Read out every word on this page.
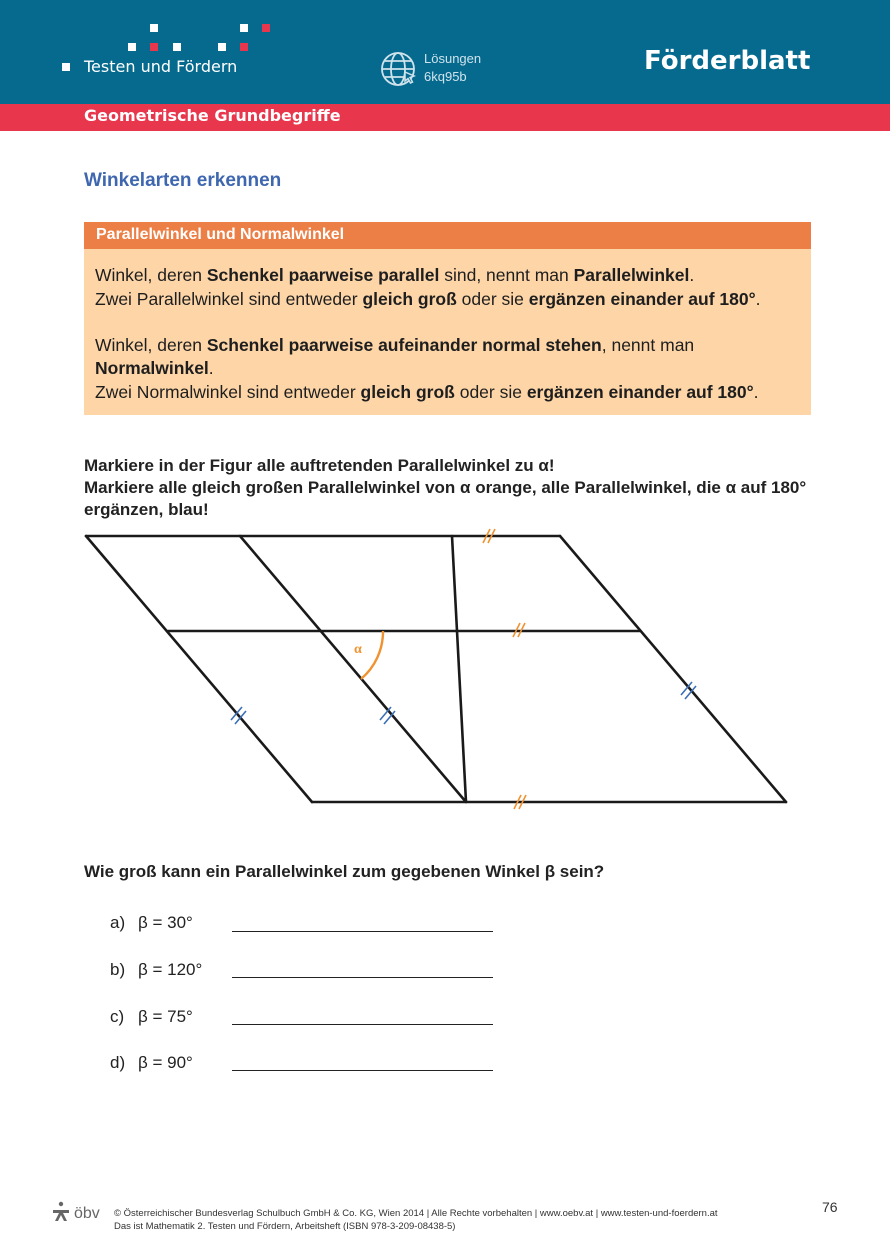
Testen und Fördern	Lösungen
6kq95b
Förderblatt
Geometrische Grundbegriffe
Winkelarten erkennen
Parallelwinkel und Normalwinkel

Winkel, deren Schenkel paarweise parallel sind, nennt man Parallelwinkel.

Zwei Parallelwinkel sind entweder gleich groß oder sie ergänzen einander auf 180°.

Winkel, deren Schenkel paarweise aufeinander normal stehen, nennt man Normalwinkel.

Zwei Normalwinkel sind entweder gleich groß oder sie ergänzen einander auf 180°.

Markiere in der Figur alle auftretenden Parallelwinkel zu α!
Markiere alle gleich großen Parallelwinkel von α orange, alle Parallelwinkel, die α auf 180° ergänzen, blau!

α

Wie groß kann ein Parallelwinkel zum gegebenen Winkel β sein?

a) β = 30°
b) β = 120°
c) β = 75°
d) β = 90°
öbv © Österreichischer Bundesverlag Schulbuch GmbH & Co. KG, Wien 2014 | Alle Rechte vorbehalten | www.oebv.at | www.testen-und-foerdern.at
Das ist Mathematik 2. Testen und Fördern, Arbeitsheft (ISBN 978-3-209-08438-5)
76
